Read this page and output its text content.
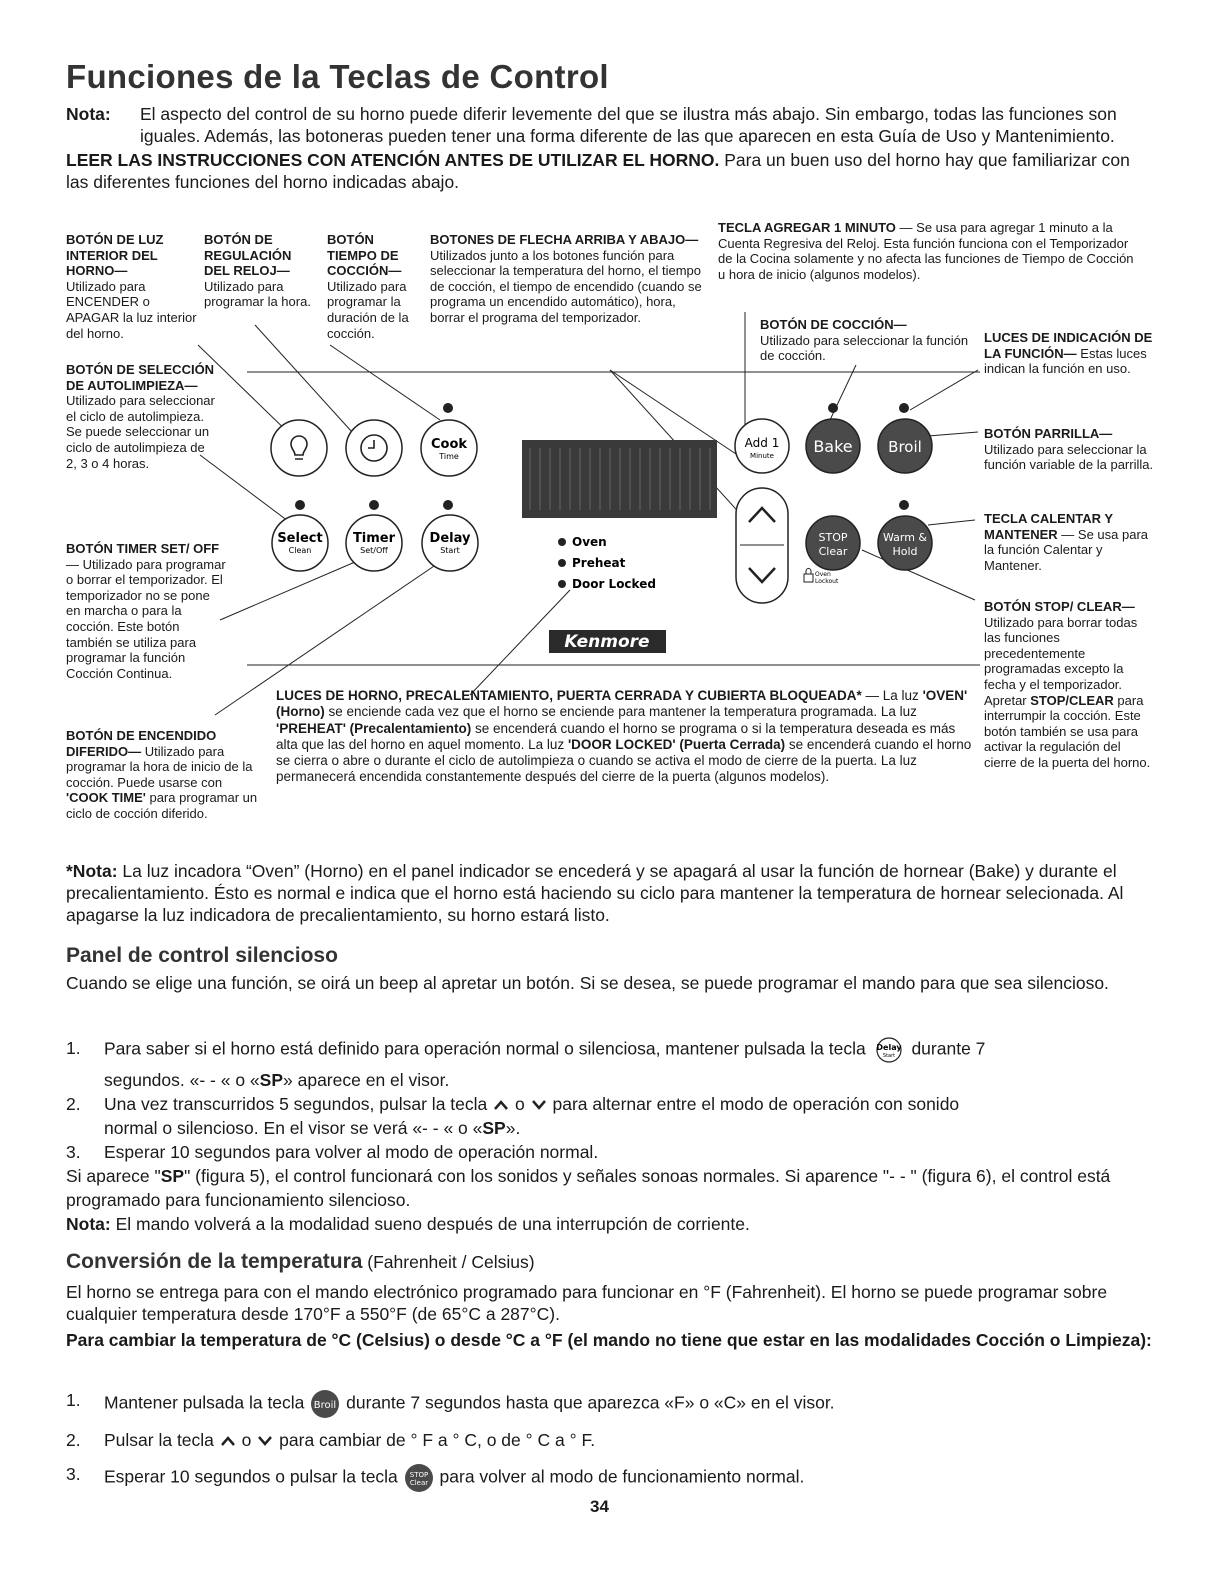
Funciones de la Teclas de Control
Nota:	El aspecto del control de su horno puede diferir levemente del que se ilustra más abajo. Sin embargo, todas las funciones son iguales. Además, las botoneras pueden tener una forma diferente de las que aparecen en esta Guía de Uso y Mantenimiento.
LEER LAS INSTRUCCIONES CON ATENCIÓN ANTES DE UTILIZAR EL HORNO. Para un buen uso del horno hay que familiarizar con las diferentes funciones del horno indicadas abajo.
Cook
Time
Add 1
Minute Bake Broil
Select
Clean
Timer
Set/Off
Delay
Start
Oven
Preheat
Door Locked
STOP
Clear
Warm &
Hold
Oven
Lockout
Kenmore
BOTÓN DE LUZ INTERIOR DEL HORNO—
Utilizado para ENCENDER o APAGAR la luz interior del horno.
BOTÓN DE REGULACIÓN DEL RELOJ—
Utilizado para programar la hora.
BOTÓN TIEMPO DE COCCIÓN—
Utilizado para programar la duración de la cocción.
BOTONES DE FLECHA ARRIBA Y ABAJO— Utilizados junto a los botones función para seleccionar la temperatura del horno, el tiempo de cocción, el tiempo de encendido (cuando se programa un encendido automático), hora, borrar el programa del temporizador.
TECLA AGREGAR 1 MINUTO — Se usa para agregar 1 minuto a la Cuenta Regresiva del Reloj. Esta función funciona con el Temporizador de la Cocina solamente y no afecta las funciones de Tiempo de Cocción u hora de inicio (algunos modelos).
BOTÓN DE COCCIÓN—
Utilizado para seleccionar la función de cocción.
LUCES DE INDICACIÓN DE LA FUNCIÓN— Estas luces indican la función en uso.
BOTÓN PARRILLA—
Utilizado para seleccionar la función variable de la parrilla.
BOTÓN DE SELECCIÓN DE AUTOLIMPIEZA—
Utilizado para seleccionar el ciclo de autolimpieza. Se puede seleccionar un ciclo de autolimpieza de 2, 3 o 4 horas.
BOTÓN TIMER SET/ OFF — Utilizado para programar o borrar el temporizador. El temporizador no se pone en marcha o para la cocción. Este botón también se utiliza para programar la función Cocción Continua.
BOTÓN DE ENCENDIDO DIFERIDO— Utilizado para programar la hora de inicio de la cocción. Puede usarse con 'COOK TIME' para programar un ciclo de cocción diferido.
TECLA CALENTAR Y MANTENER — Se usa para la función Calentar y Mantener.
BOTÓN STOP/ CLEAR— Utilizado para borrar todas las funciones precedentemente programadas excepto la fecha y el temporizador. Apretar STOP/CLEAR para interrumpir la cocción. Este botón también se usa para activar la regulación del cierre de la puerta del horno.
LUCES DE HORNO, PRECALENTAMIENTO, PUERTA CERRADA Y CUBIERTA BLOQUEADA* — La luz 'OVEN' (Horno) se enciende cada vez que el horno se enciende para mantener la temperatura programada. La luz 'PREHEAT' (Precalentamiento) se encenderá cuando el horno se programa o si la temperatura deseada es más alta que las del horno en aquel momento. La luz 'DOOR LOCKED' (Puerta Cerrada) se encenderá cuando el horno se cierra o abre o durante el ciclo de autolimpieza o cuando se activa el modo de cierre de la puerta. La luz permanecerá encendida constantemente después del cierre de la puerta (algunos modelos).
*Nota: La luz incadora “Oven” (Horno) en el panel indicador se encederá y se apagará al usar la función de hornear (Bake) y durante el precalientamiento. Ésto es normal e indica que el horno está haciendo su ciclo para mantener la temperatura de hornear selecionada. Al apagarse la luz indicadora de precalientamiento, su horno estará listo.
Panel de control silencioso
Cuando se elige una función, se oirá un beep al apretar un botón. Si se desea, se puede programar el mando para que sea silencioso.
1.	Para saber si el horno está definido para operación normal o silenciosa, mantener pulsada la tecla Delay
Start durante 7
segundos. «- - « o «SP» aparece en el visor.
2.	Una vez transcurridos 5 segundos, pulsar la tecla o para alternar entre el modo de operación con sonido
normal o silencioso. En el visor se verá «- - « o «SP».
3.	Esperar 10 segundos para volver al modo de operación normal.
Si aparece "SP" (figura 5), el control funcionará con los sonidos y señales sonoas normales. Si aparence "- - " (figura 6), el control está programado para funcionamiento silencioso.
Nota: El mando volverá a la modalidad sueno después de una interrupción de corriente.
Conversión de la temperatura (Fahrenheit / Celsius)
El horno se entrega para con el mando electrónico programado para funcionar en °F (Fahrenheit). El horno se puede programar sobre cualquier temperatura desde 170°F a 550°F (de 65°C a 287°C).
Para cambiar la temperatura de °C (Celsius) o desde °C a °F (el mando no tiene que estar en las modalidades Cocción o Limpieza):
1.	Mantener pulsada la tecla Broil durante 7 segundos hasta que aparezca «F» o «C» en el visor.
2.	Pulsar la tecla o para cambiar de ° F a ° C, o de ° C a ° F.
3.	Esperar 10 segundos o pulsar la tecla STOP
Clear para volver al modo de funcionamiento normal.
34
